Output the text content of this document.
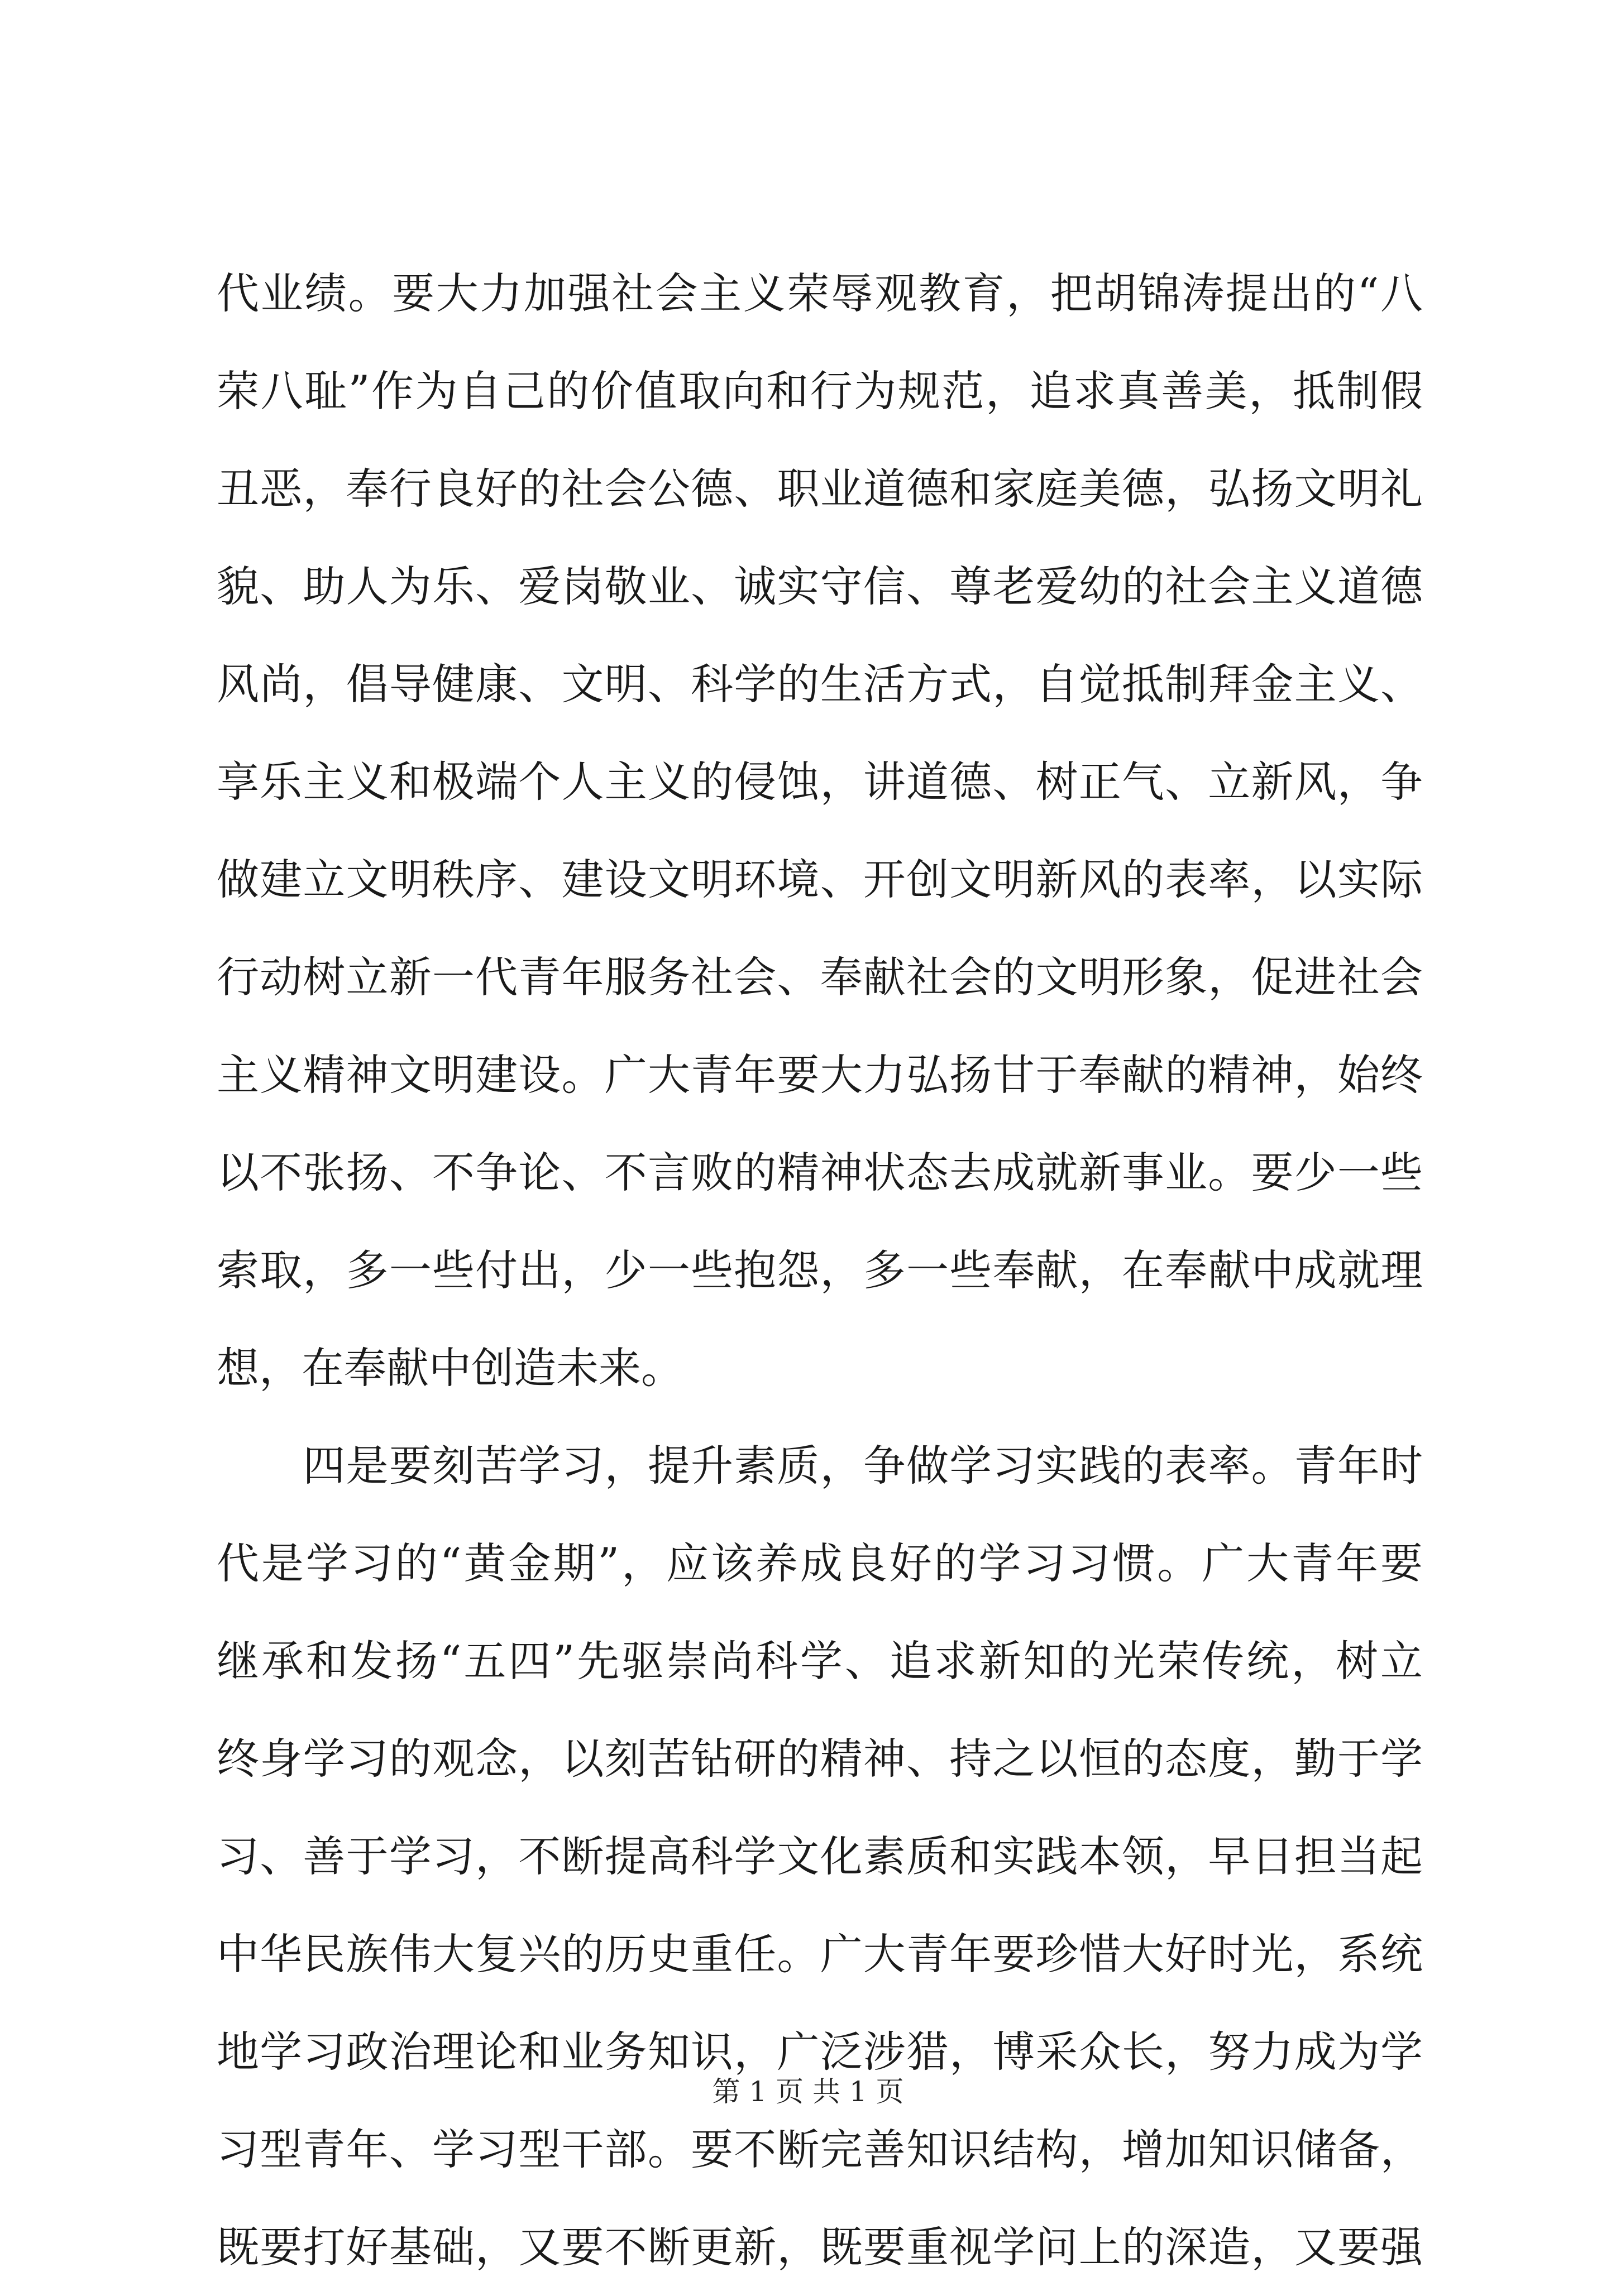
代业绩。要大力加强社会主义荣辱观教育，把胡锦涛提出的“八
荣八耻”作为自己的价值取向和行为规范，追求真善美，抵制假
丑恶，奉行良好的社会公德、职业道德和家庭美德，弘扬文明礼
貌、助人为乐、爱岗敬业、诚实守信、尊老爱幼的社会主义道德
风尚，倡导健康、文明、科学的生活方式，自觉抵制拜金主义、
享乐主义和极端个人主义的侵蚀，讲道德、树正气、立新风，争
做建立文明秩序、建设文明环境、开创文明新风的表率，以实际
行动树立新一代青年服务社会、奉献社会的文明形象，促进社会
主义精神文明建设。广大青年要大力弘扬甘于奉献的精神，始终
以不张扬、不争论、不言败的精神状态去成就新事业。要少一些
索取，多一些付出，少一些抱怨，多一些奉献，在奉献中成就理
想，在奉献中创造未来。
　　四是要刻苦学习，提升素质，争做学习实践的表率。青年时
代是学习的“黄金期”，应该养成良好的学习习惯。广大青年要
继承和发扬“五四”先驱崇尚科学、追求新知的光荣传统，树立
终身学习的观念，以刻苦钻研的精神、持之以恒的态度，勤于学
习、善于学习，不断提高科学文化素质和实践本领，早日担当起
中华民族伟大复兴的历史重任。广大青年要珍惜大好时光，系统
地学习政治理论和业务知识，广泛涉猎，博采众长，努力成为学
习型青年、学习型干部。要不断完善知识结构，增加知识储备，
既要打好基础，又要不断更新，既要重视学问上的深造，又要强
第 1 页 共 1 页
